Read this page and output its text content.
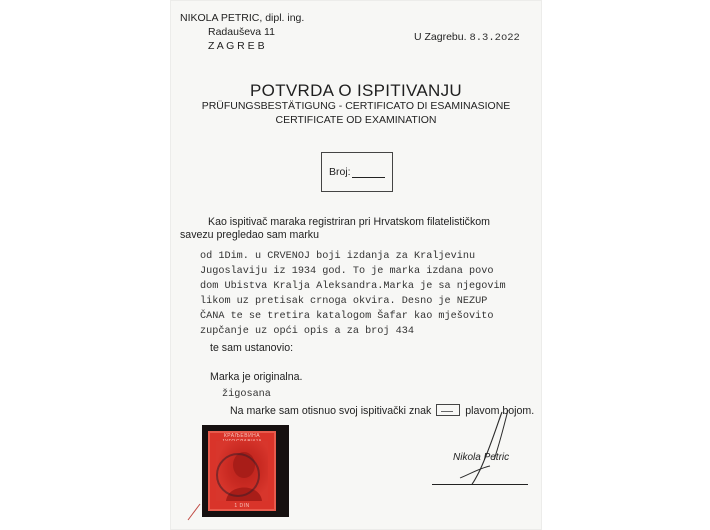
NIKOLA PETRIC, dipl. ing.
Radauševa 11
Z A G R E B
U Zagrebu. 8.3.2o22
POTVRDA O ISPITIVANJU
PRÜFUNGSBESTÄTIGUNG - CERTIFICATO DI ESAMINASIONE
CERTIFICATE OD EXAMINATION
Broj:
Kao ispitivač maraka registriran pri Hrvatskom filatelističkom
savezu pregledao sam marku
od 1Dim. u CRVENOJ boji izdanja za Kraljevinu
Jugoslaviju iz 1934 god. To je marka izdana povo
dom Ubistva Kralja Aleksandra.Marka je sa njegovim
likom uz pretisak crnoga okvira. Desno je NEZUP
ČANA te se tretira katalogom Šafar kao mješovito
zupčanje uz opći opis a za broj 434
te sam ustanovio:
Marka je originalna.
žigosana
Na marke sam otisnuo svoj ispitivački znak	plavom bojom.
КРАЉЕВИНА
1 DIN
Nikola Petric
